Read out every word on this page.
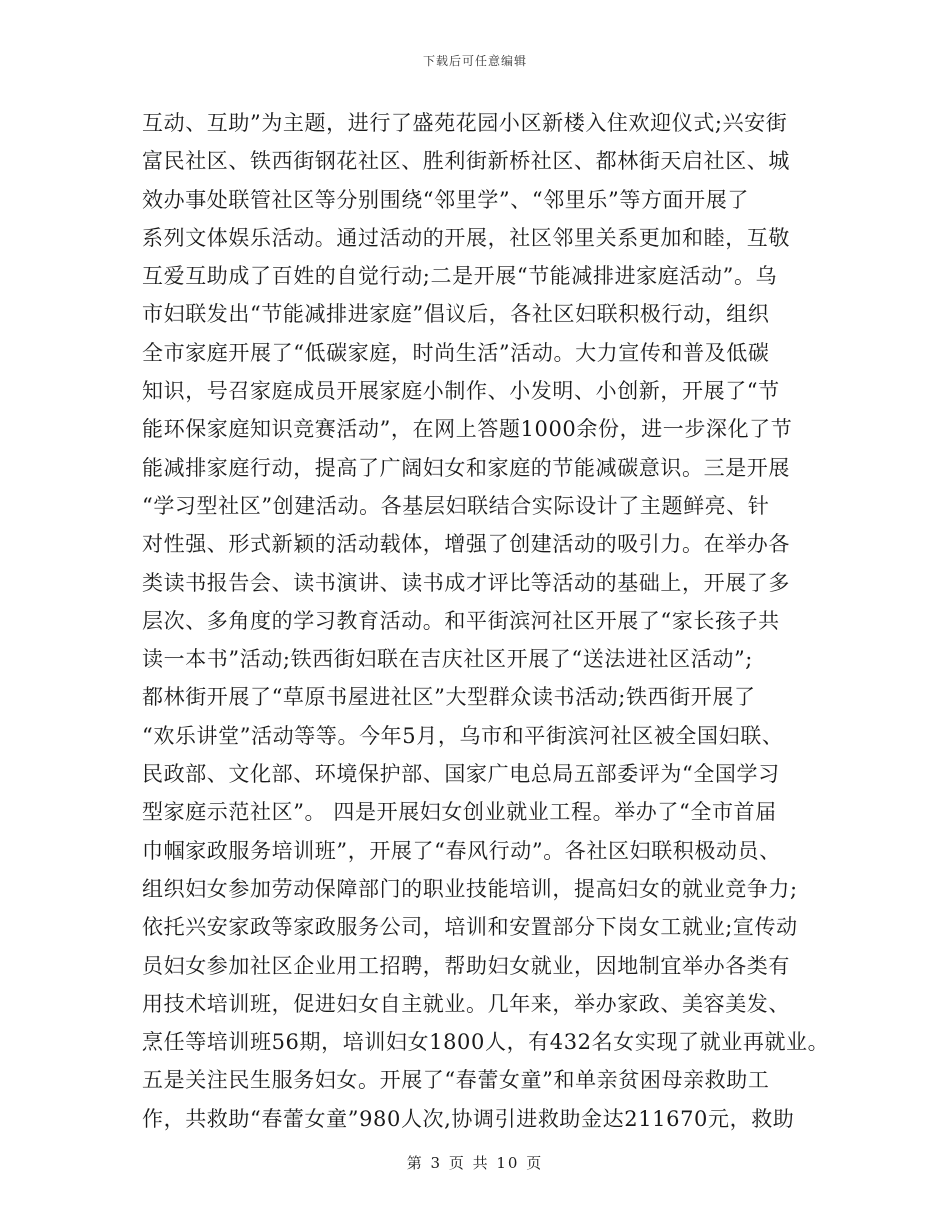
下载后可任意编辑
互动、互助”为主题，进行了盛苑花园小区新楼入住欢迎仪式;兴安街
富民社区、铁西街钢花社区、胜利街新桥社区、都林街天启社区、城
效办事处联管社区等分别围绕“邻里学”、“邻里乐”等方面开展了
系列文体娱乐活动。通过活动的开展，社区邻里关系更加和睦，互敬
互爱互助成了百姓的自觉行动;二是开展“节能减排进家庭活动”。乌
市妇联发出“节能减排进家庭”倡议后，各社区妇联积极行动，组织
全市家庭开展了“低碳家庭，时尚生活”活动。大力宣传和普及低碳
知识，号召家庭成员开展家庭小制作、小发明、小创新，开展了“节
能环保家庭知识竞赛活动”，在网上答题1000余份，进一步深化了节
能减排家庭行动，提高了广阔妇女和家庭的节能减碳意识。三是开展
“学习型社区”创建活动。各基层妇联结合实际设计了主题鲜亮、针
对性强、形式新颖的活动载体，增强了创建活动的吸引力。在举办各
类读书报告会、读书演讲、读书成才评比等活动的基础上，开展了多
层次、多角度的学习教育活动。和平街滨河社区开展了“家长孩子共
读一本书”活动;铁西街妇联在吉庆社区开展了“送法进社区活动”;
都林街开展了“草原书屋进社区”大型群众读书活动;铁西街开展了
“欢乐讲堂”活动等等。今年5月，乌市和平街滨河社区被全国妇联、
民政部、文化部、环境保护部、国家广电总局五部委评为“全国学习
型家庭示范社区”。 四是开展妇女创业就业工程。举办了“全市首届
巾帼家政服务培训班”，开展了“春风行动”。各社区妇联积极动员、
组织妇女参加劳动保障部门的职业技能培训，提高妇女的就业竞争力;
依托兴安家政等家政服务公司，培训和安置部分下岗女工就业;宣传动
员妇女参加社区企业用工招聘，帮助妇女就业，因地制宜举办各类有
用技术培训班，促进妇女自主就业。几年来，举办家政、美容美发、
烹任等培训班56期，培训妇女1800人，有432名女实现了就业再就业。
五是关注民生服务妇女。开展了“春蕾女童”和单亲贫困母亲救助工
作，共救助“春蕾女童”980人次,协调引进救助金达211670元，救助
第 3 页 共 10 页
